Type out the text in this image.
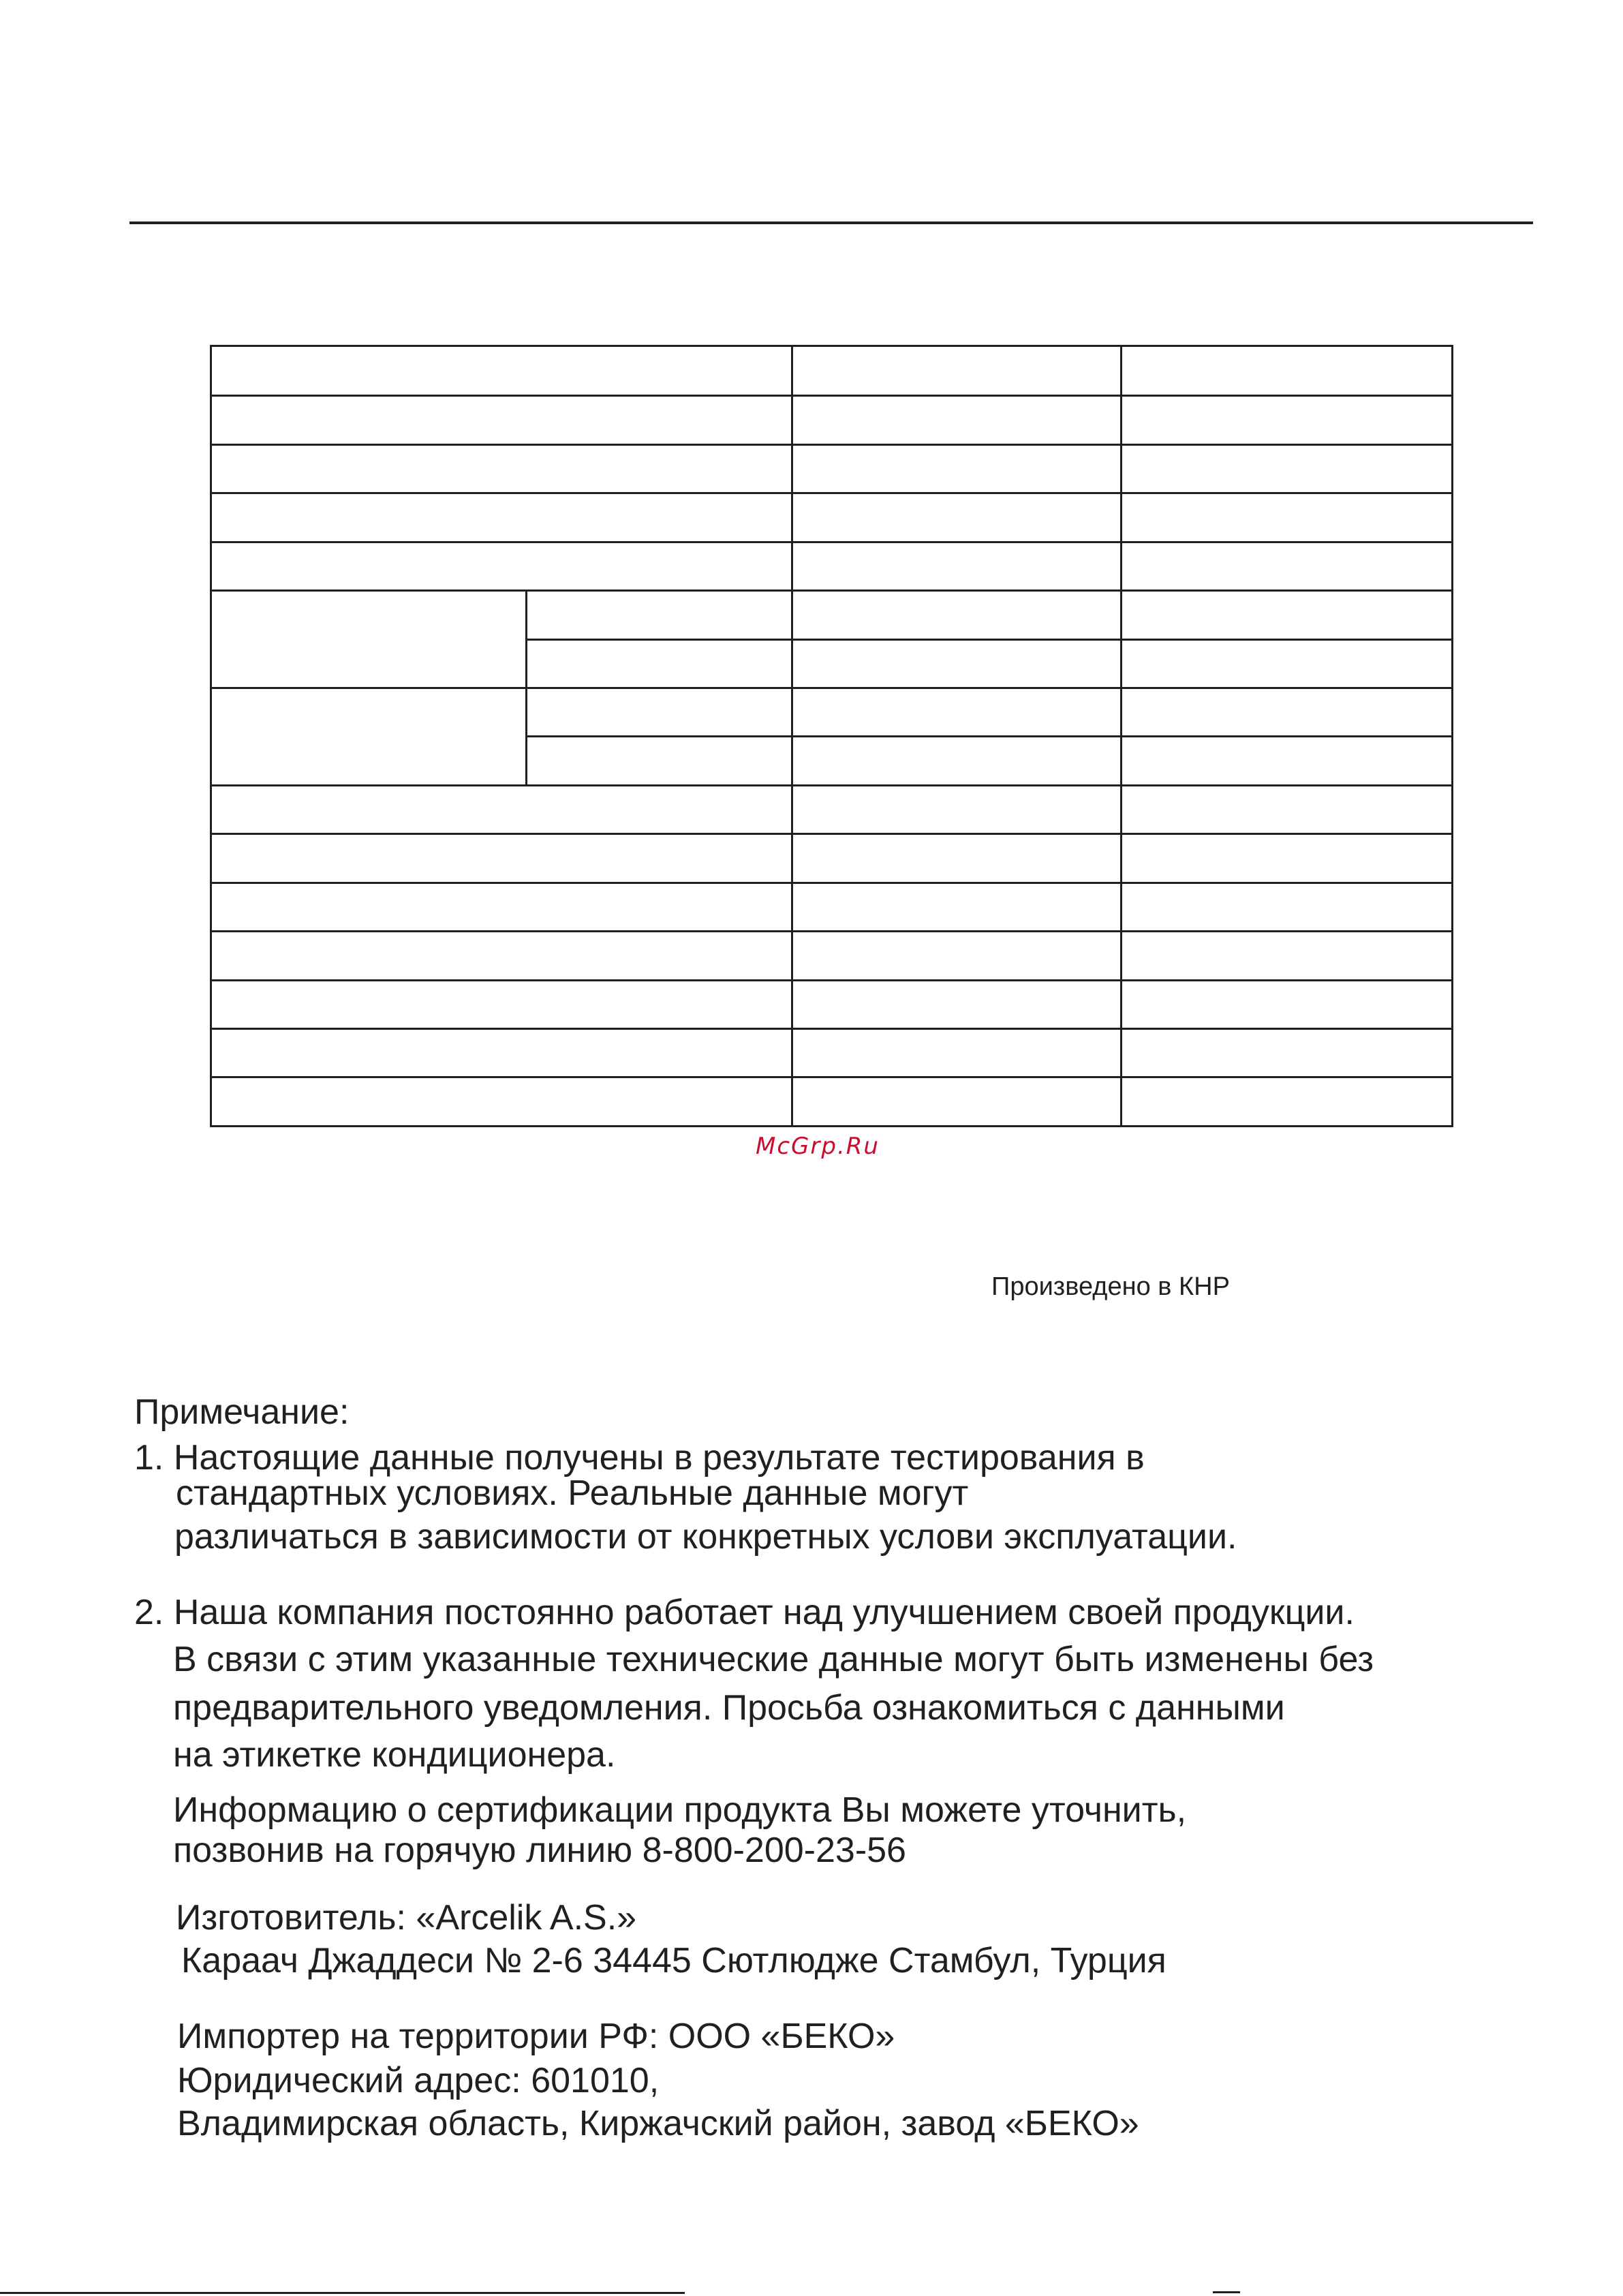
McGrp.Ru
Произведено в КНР
Примечание:
1. Настоящие данные получены в результате тестирования в
стандартных условиях. Реальные данные могут
различаться в зависимости от конкретных услови эксплуатации.
2. Наша компания постоянно работает над улучшением своей продукции.
В связи с этим указанные технические данные могут быть изменены без
предварительного уведомления. Просьба ознакомиться с данными
на этикетке кондиционера.
Информацию о сертификации продукта Вы можете уточнить,
позвонив на горячую линию 8-800-200-23-56
Изготовитель: «Arcelik A.S.»
Караач Джаддеси № 2-6 34445 Сютлюдже Стамбул, Турция
Импортер на территории РФ: ООО «БЕКО»
Юридический адрес: 601010,
Владимирская область, Киржачский район, завод «БЕКО»
